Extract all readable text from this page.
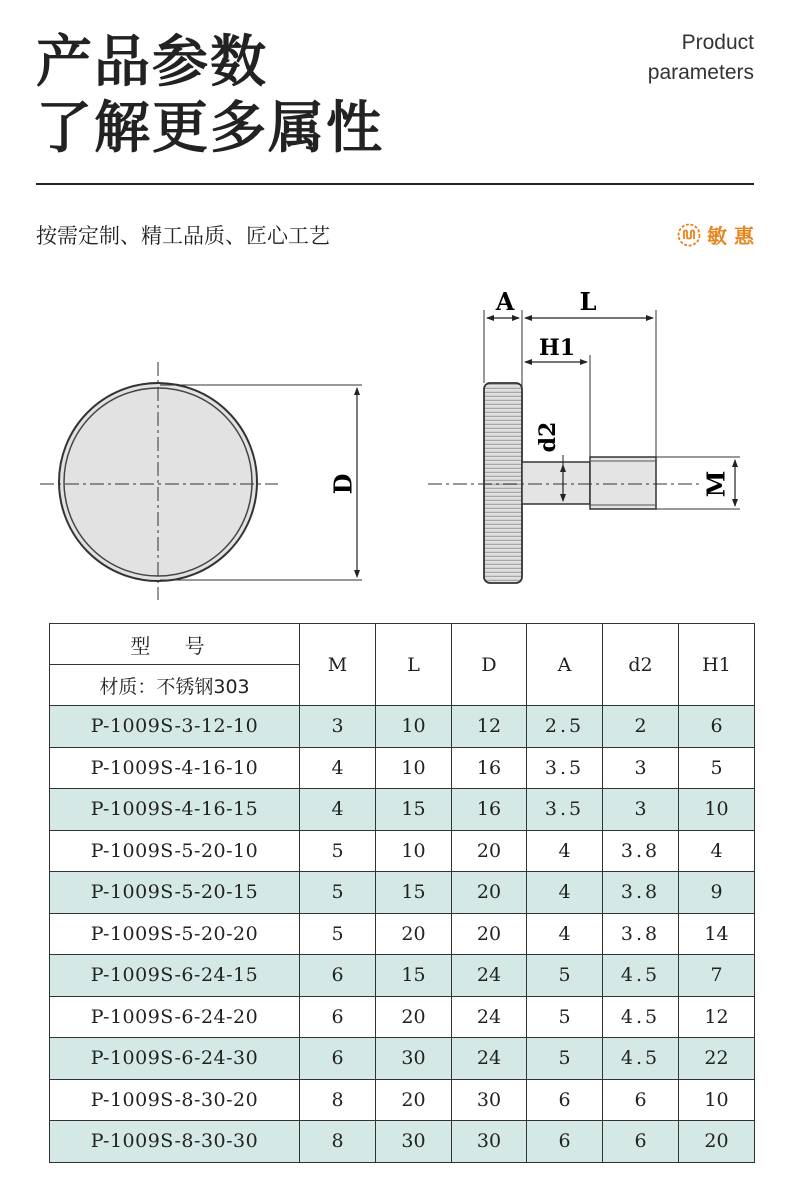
产品参数
了解更多属性
Product
parameters
按需定制、精工品质、匠心工艺	敏 惠
D
A	L
H1
d2
M
型 号	M	L	D	A	d2	H1
材质：不锈钢303						
P-1009S-3-12-10	3	10	12	2.5	2	6
P-1009S-4-16-10	4	10	16	3.5	3	5
P-1009S-4-16-15	4	15	16	3.5	3	10
P-1009S-5-20-10	5	10	20	4	3.8	4
P-1009S-5-20-15	5	15	20	4	3.8	9
P-1009S-5-20-20	5	20	20	4	3.8	14
P-1009S-6-24-15	6	15	24	5	4.5	7
P-1009S-6-24-20	6	20	24	5	4.5	12
P-1009S-6-24-30	6	30	24	5	4.5	22
P-1009S-8-30-20	8	20	30	6	6	10
P-1009S-8-30-30	8	30	30	6	6	20
